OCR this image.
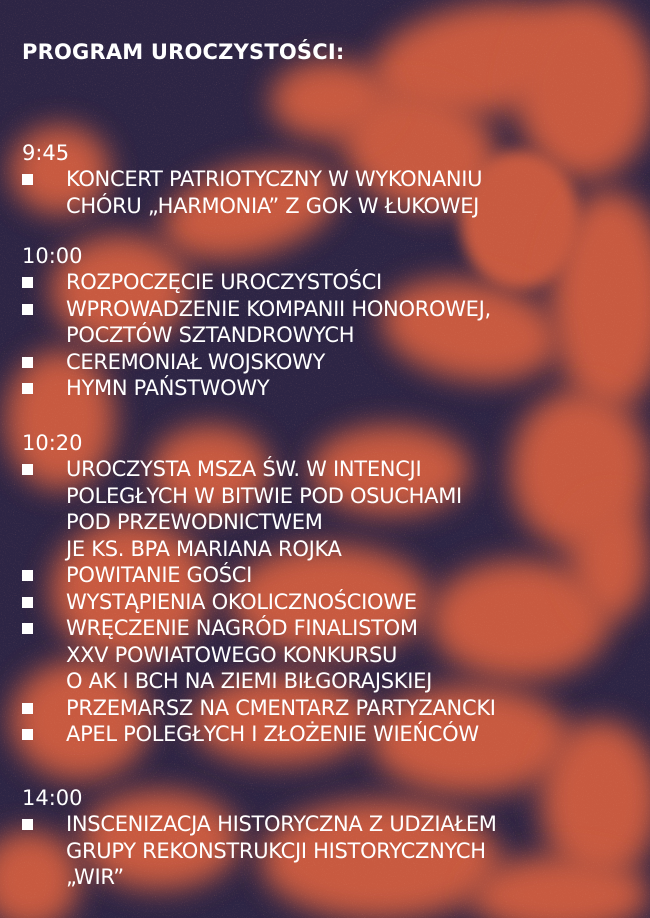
PROGRAM UROCZYSTOŚCI:
9:45
KONCERT PATRIOTYCZNY W WYKONANIU
CHÓRU „HARMONIA” Z GOK W ŁUKOWEJ
10:00
ROZPOCZĘCIE UROCZYSTOŚCI
WPROWADZENIE KOMPANII HONOROWEJ,
POCZTÓW SZTANDROWYCH
CEREMONIAŁ WOJSKOWY
HYMN PAŃSTWOWY
10:20
UROCZYSTA MSZA ŚW. W INTENCJI
POLEGŁYCH W BITWIE POD OSUCHAMI
POD PRZEWODNICTWEM
JE KS. BPA MARIANA ROJKA
POWITANIE GOŚCI
WYSTĄPIENIA OKOLICZNOŚCIOWE
WRĘCZENIE NAGRÓD FINALISTOM
XXV POWIATOWEGO KONKURSU
O AK I BCH NA ZIEMI BIŁGORAJSKIEJ
PRZEMARSZ NA CMENTARZ PARTYZANCKI
APEL POLEGŁYCH I ZŁOŻENIE WIEŃCÓW
14:00
INSCENIZACJA HISTORYCZNA Z UDZIAŁEM
GRUPY REKONSTRUKCJI HISTORYCZNYCH
„WIR”
